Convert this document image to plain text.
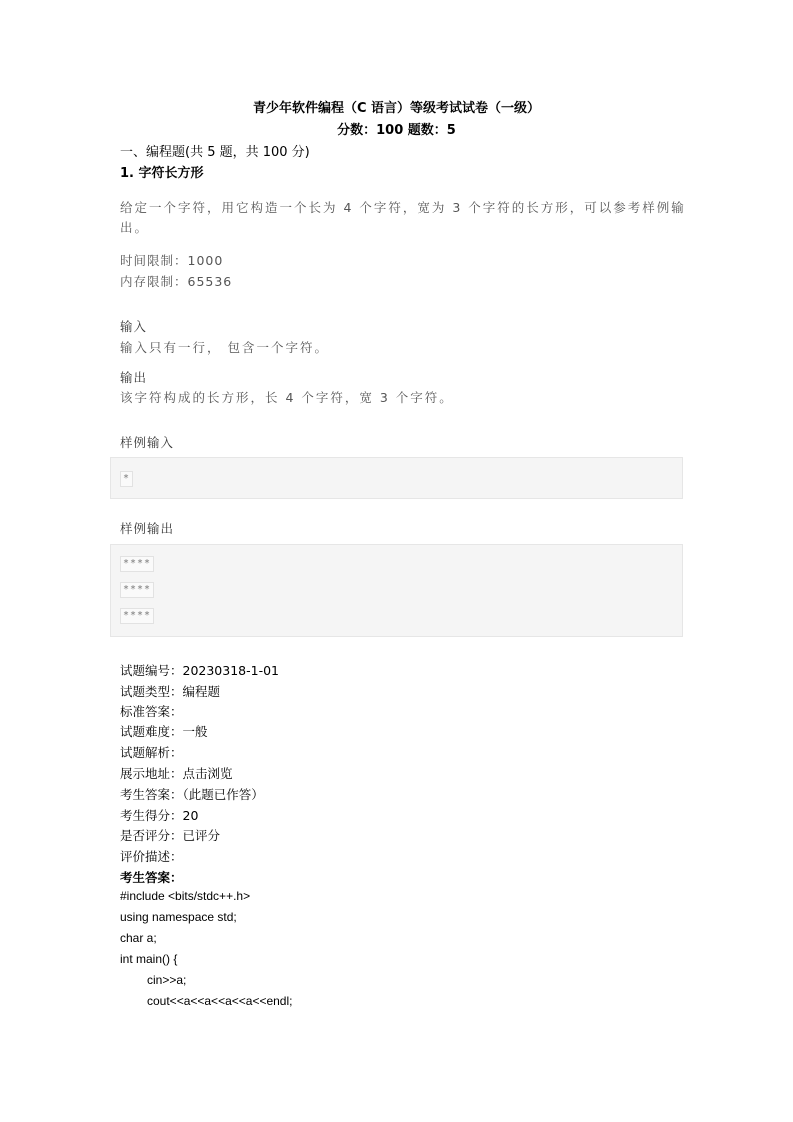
青少年软件编程（C 语言）等级考试试卷（一级）
分数：100 题数：5
一、编程题(共 5 题，共 100 分)
1. 字符长方形
给定一个字符，用它构造一个长为 4 个字符，宽为 3 个字符的长方形，可以参考样例输
出。
时间限制：1000
内存限制：65536
输入
输入只有一行， 包含一个字符。
输出
该字符构成的长方形，长 4 个字符，宽 3 个字符。
样例输入
*
样例输出
****
****
****
试题编号：20230318-1-01
试题类型：编程题
标准答案：
试题难度：一般
试题解析：
展示地址：点击浏览
考生答案：（此题已作答）
考生得分：20
是否评分：已评分
评价描述：
考生答案：
#include <bits/stdc++.h>
using namespace std;
char a;
int main() {
cin>>a;
cout<<a<<a<<a<<a<<endl;
